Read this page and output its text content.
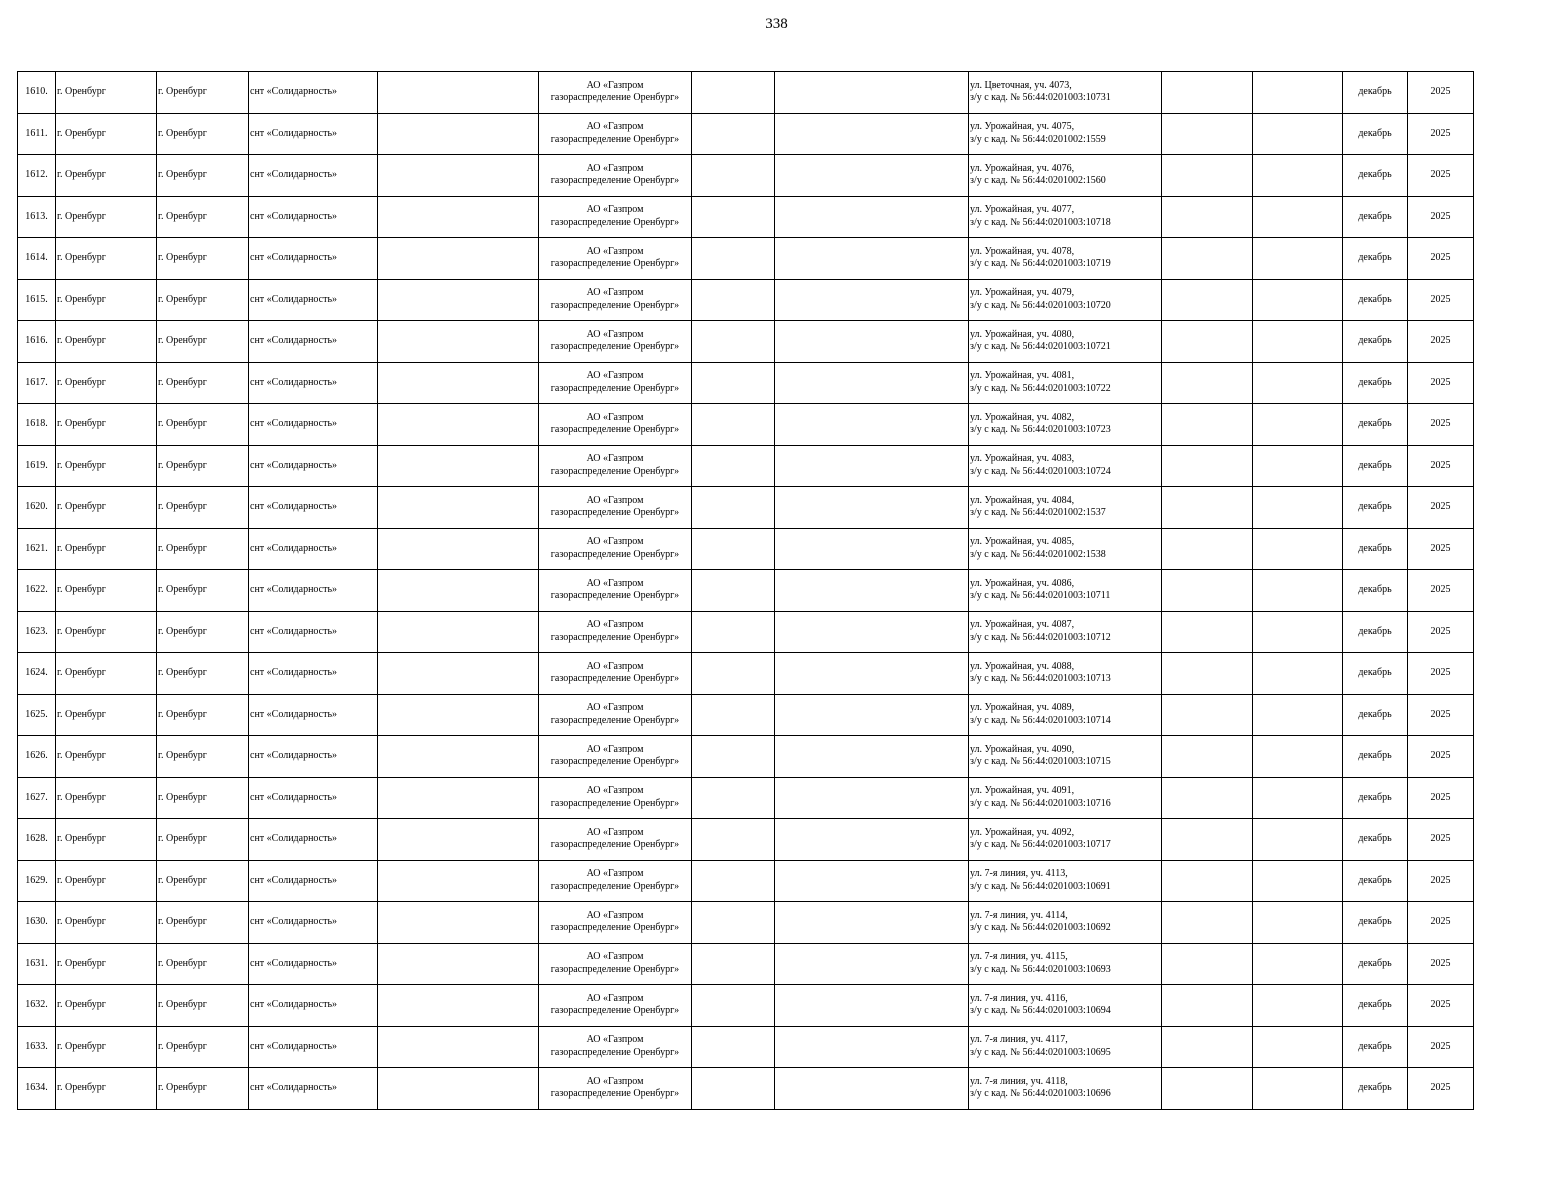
338
1610.	г. Оренбург	г. Оренбург	снт «Солидарность»		АО «Газпром
газораспределение Оренбург»			ул. Цветочная, уч. 4073,
з/у с кад. № 56:44:0201003:10731			декабрь	2025
1611.	г. Оренбург	г. Оренбург	снт «Солидарность»		АО «Газпром
газораспределение Оренбург»			ул. Урожайная, уч. 4075,
з/у с кад. № 56:44:0201002:1559			декабрь	2025
1612.	г. Оренбург	г. Оренбург	снт «Солидарность»		АО «Газпром
газораспределение Оренбург»			ул. Урожайная, уч. 4076,
з/у с кад. № 56:44:0201002:1560			декабрь	2025
1613.	г. Оренбург	г. Оренбург	снт «Солидарность»		АО «Газпром
газораспределение Оренбург»			ул. Урожайная, уч. 4077,
з/у с кад. № 56:44:0201003:10718			декабрь	2025
1614.	г. Оренбург	г. Оренбург	снт «Солидарность»		АО «Газпром
газораспределение Оренбург»			ул. Урожайная, уч. 4078,
з/у с кад. № 56:44:0201003:10719			декабрь	2025
1615.	г. Оренбург	г. Оренбург	снт «Солидарность»		АО «Газпром
газораспределение Оренбург»			ул. Урожайная, уч. 4079,
з/у с кад. № 56:44:0201003:10720			декабрь	2025
1616.	г. Оренбург	г. Оренбург	снт «Солидарность»		АО «Газпром
газораспределение Оренбург»			ул. Урожайная, уч. 4080,
з/у с кад. № 56:44:0201003:10721			декабрь	2025
1617.	г. Оренбург	г. Оренбург	снт «Солидарность»		АО «Газпром
газораспределение Оренбург»			ул. Урожайная, уч. 4081,
з/у с кад. № 56:44:0201003:10722			декабрь	2025
1618.	г. Оренбург	г. Оренбург	снт «Солидарность»		АО «Газпром
газораспределение Оренбург»			ул. Урожайная, уч. 4082,
з/у с кад. № 56:44:0201003:10723			декабрь	2025
1619.	г. Оренбург	г. Оренбург	снт «Солидарность»		АО «Газпром
газораспределение Оренбург»			ул. Урожайная, уч. 4083,
з/у с кад. № 56:44:0201003:10724			декабрь	2025
1620.	г. Оренбург	г. Оренбург	снт «Солидарность»		АО «Газпром
газораспределение Оренбург»			ул. Урожайная, уч. 4084,
з/у с кад. № 56:44:0201002:1537			декабрь	2025
1621.	г. Оренбург	г. Оренбург	снт «Солидарность»		АО «Газпром
газораспределение Оренбург»			ул. Урожайная, уч. 4085,
з/у с кад. № 56:44:0201002:1538			декабрь	2025
1622.	г. Оренбург	г. Оренбург	снт «Солидарность»		АО «Газпром
газораспределение Оренбург»			ул. Урожайная, уч. 4086,
з/у с кад. № 56:44:0201003:10711			декабрь	2025
1623.	г. Оренбург	г. Оренбург	снт «Солидарность»		АО «Газпром
газораспределение Оренбург»			ул. Урожайная, уч. 4087,
з/у с кад. № 56:44:0201003:10712			декабрь	2025
1624.	г. Оренбург	г. Оренбург	снт «Солидарность»		АО «Газпром
газораспределение Оренбург»			ул. Урожайная, уч. 4088,
з/у с кад. № 56:44:0201003:10713			декабрь	2025
1625.	г. Оренбург	г. Оренбург	снт «Солидарность»		АО «Газпром
газораспределение Оренбург»			ул. Урожайная, уч. 4089,
з/у с кад. № 56:44:0201003:10714			декабрь	2025
1626.	г. Оренбург	г. Оренбург	снт «Солидарность»		АО «Газпром
газораспределение Оренбург»			ул. Урожайная, уч. 4090,
з/у с кад. № 56:44:0201003:10715			декабрь	2025
1627.	г. Оренбург	г. Оренбург	снт «Солидарность»		АО «Газпром
газораспределение Оренбург»			ул. Урожайная, уч. 4091,
з/у с кад. № 56:44:0201003:10716			декабрь	2025
1628.	г. Оренбург	г. Оренбург	снт «Солидарность»		АО «Газпром
газораспределение Оренбург»			ул. Урожайная, уч. 4092,
з/у с кад. № 56:44:0201003:10717			декабрь	2025
1629.	г. Оренбург	г. Оренбург	снт «Солидарность»		АО «Газпром
газораспределение Оренбург»			ул. 7-я линия, уч. 4113,
з/у с кад. № 56:44:0201003:10691			декабрь	2025
1630.	г. Оренбург	г. Оренбург	снт «Солидарность»		АО «Газпром
газораспределение Оренбург»			ул. 7-я линия, уч. 4114,
з/у с кад. № 56:44:0201003:10692			декабрь	2025
1631.	г. Оренбург	г. Оренбург	снт «Солидарность»		АО «Газпром
газораспределение Оренбург»			ул. 7-я линия, уч. 4115,
з/у с кад. № 56:44:0201003:10693			декабрь	2025
1632.	г. Оренбург	г. Оренбург	снт «Солидарность»		АО «Газпром
газораспределение Оренбург»			ул. 7-я линия, уч. 4116,
з/у с кад. № 56:44:0201003:10694			декабрь	2025
1633.	г. Оренбург	г. Оренбург	снт «Солидарность»		АО «Газпром
газораспределение Оренбург»			ул. 7-я линия, уч. 4117,
з/у с кад. № 56:44:0201003:10695			декабрь	2025
1634.	г. Оренбург	г. Оренбург	снт «Солидарность»		АО «Газпром
газораспределение Оренбург»			ул. 7-я линия, уч. 4118,
з/у с кад. № 56:44:0201003:10696			декабрь	2025
